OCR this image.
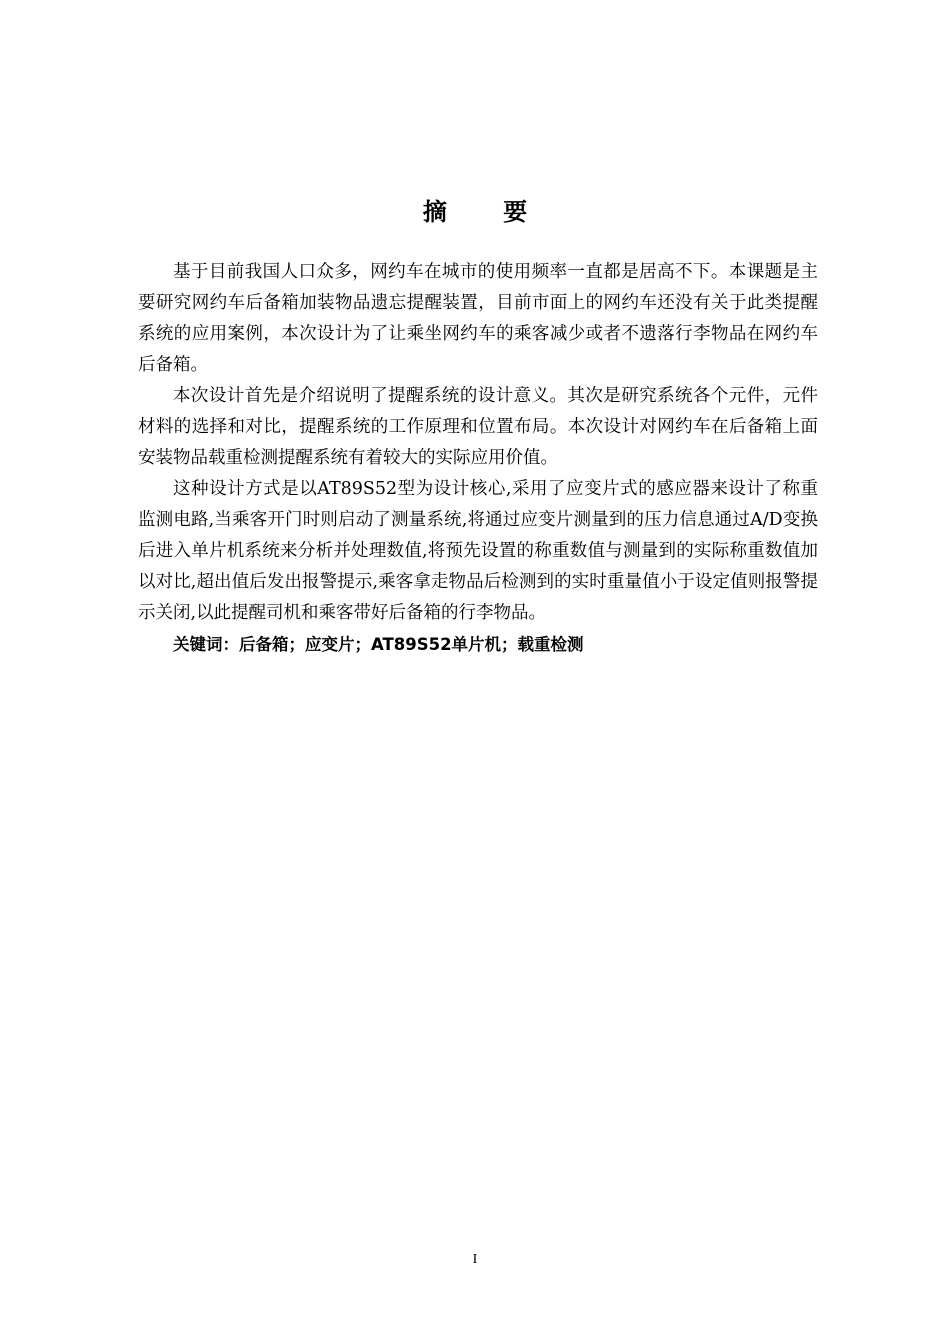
摘 要

基于目前我国人口众多，网约车在城市的使用频率一直都是居高不下。本课题是主要研究网约车后备箱加装物品遗忘提醒装置，目前市面上的网约车还没有关于此类提醒系统的应用案例，本次设计为了让乘坐网约车的乘客减少或者不遗落行李物品在网约车后备箱。

本次设计首先是介绍说明了提醒系统的设计意义。其次是研究系统各个元件，元件材料的选择和对比，提醒系统的工作原理和位置布局。本次设计对网约车在后备箱上面安装物品载重检测提醒系统有着较大的实际应用价值。

这种设计方式是以AT89S52型为设计核心,采用了应变片式的感应器来设计了称重监测电路,当乘客开门时则启动了测量系统,将通过应变片测量到的压力信息通过A/D变换后进入单片机系统来分析并处理数值,将预先设置的称重数值与测量到的实际称重数值加以对比,超出值后发出报警提示,乘客拿走物品后检测到的实时重量值小于设定值则报警提示关闭,以此提醒司机和乘客带好后备箱的行李物品。

关键词：后备箱；应变片；AT89S52单片机；载重检测

I
